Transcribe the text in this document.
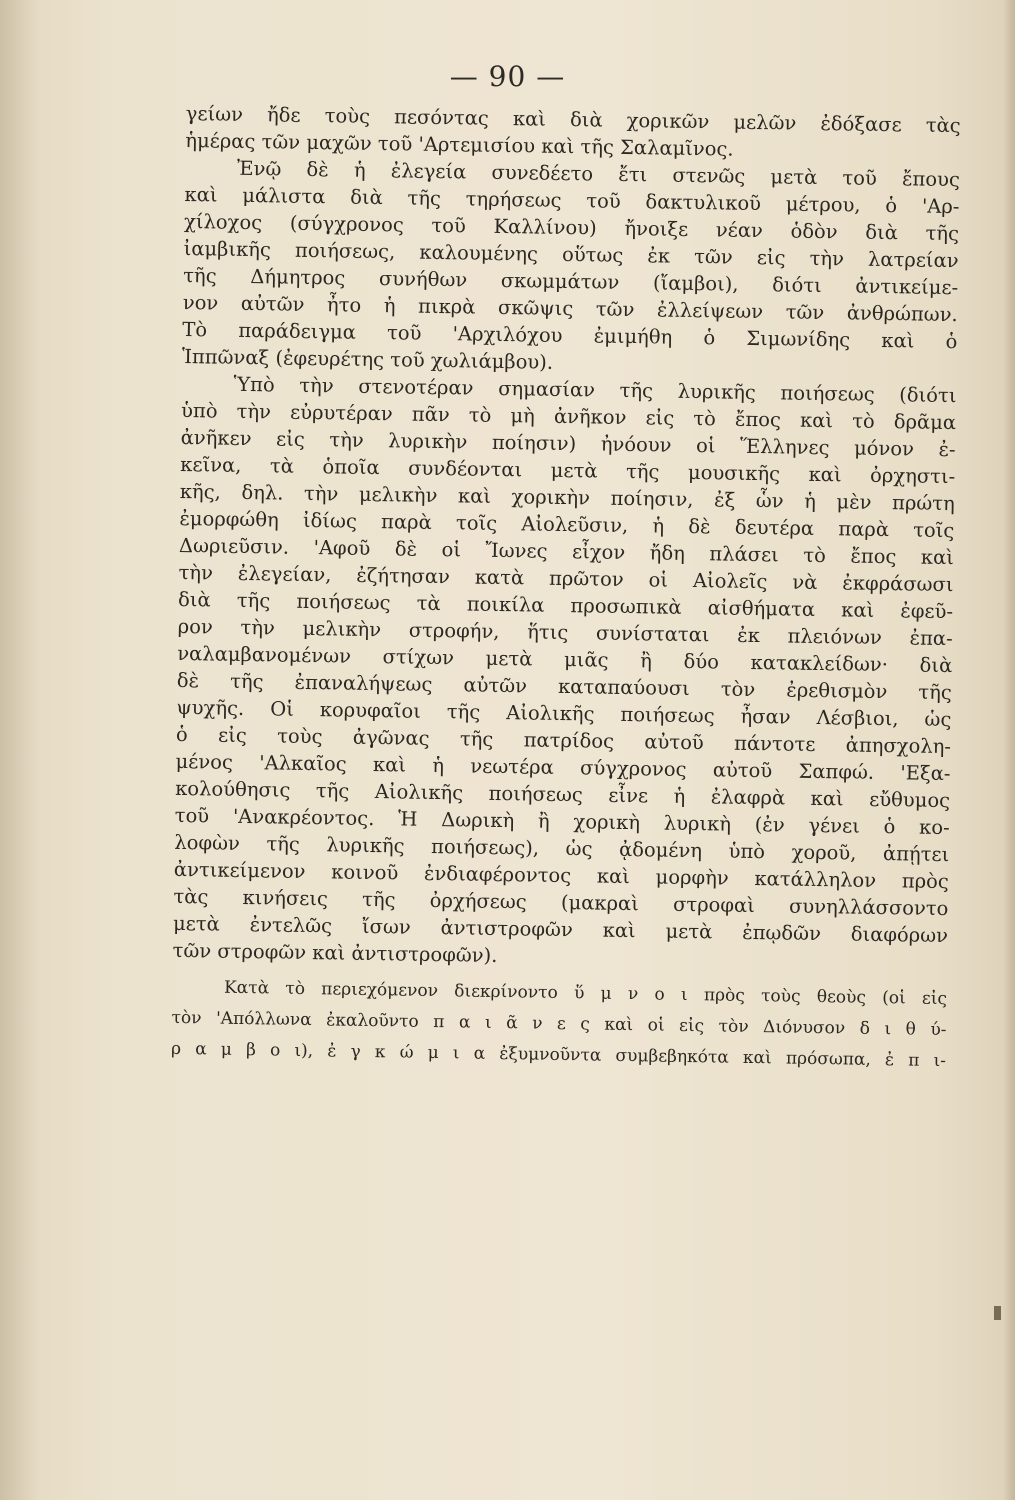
— 90 —
γείων ἤδε τοὺς πεσόντας καὶ διὰ χορικῶν μελῶν ἐδόξασε τὰς
ἡμέρας τῶν μαχῶν τοῦ 'Αρτεμισίου καὶ τῆς Σαλαμῖνος.
Ἐνῷ δὲ ἡ ἐλεγεία συνεδέετο ἔτι στενῶς μετὰ τοῦ ἔπους
καὶ μάλιστα διὰ τῆς τηρήσεως τοῦ δακτυλικοῦ μέτρου, ὁ 'Αρ-
χίλοχος (σύγχρονος τοῦ Καλλίνου) ἤνοιξε νέαν ὁδὸν διὰ τῆς
ἰαμβικῆς ποιήσεως, καλουμένης οὕτως ἐκ τῶν εἰς τὴν λατρείαν
τῆς Δήμητρος συνήθων σκωμμάτων (ἴαμβοι), διότι ἀντικείμε-
νον αὐτῶν ἦτο ἡ πικρὰ σκῶψις τῶν ἐλλείψεων τῶν ἀνθρώπων.
Τὸ παράδειγμα τοῦ 'Αρχιλόχου ἐμιμήθη ὁ Σιμωνίδης καὶ ὁ
Ἱππῶναξ (ἐφευρέτης τοῦ χωλιάμβου).
Ὑπὸ τὴν στενοτέραν σημασίαν τῆς λυρικῆς ποιήσεως (διότι
ὑπὸ τὴν εὐρυτέραν πᾶν τὸ μὴ ἀνῆκον εἰς τὸ ἔπος καὶ τὸ δρᾶμα
ἀνῆκεν εἰς τὴν λυρικὴν ποίησιν) ἠνόουν οἱ Ἕλληνες μόνον ἐ-
κεῖνα, τὰ ὁποῖα συνδέονται μετὰ τῆς μουσικῆς καὶ ὀρχηστι-
κῆς, δηλ. τὴν μελικὴν καὶ χορικὴν ποίησιν, ἐξ ὧν ἡ μὲν πρώτη
ἐμορφώθη ἰδίως παρὰ τοῖς Αἰολεῦσιν, ἡ δὲ δευτέρα παρὰ τοῖς
Δωριεῦσιν. 'Αφοῦ δὲ οἱ Ἴωνες εἶχον ἤδη πλάσει τὸ ἔπος καὶ
τὴν ἐλεγείαν, ἐζήτησαν κατὰ πρῶτον οἱ Αἰολεῖς νὰ ἐκφράσωσι
διὰ τῆς ποιήσεως τὰ ποικίλα προσωπικὰ αἰσθήματα καὶ ἐφεῦ-
ρον τὴν μελικὴν στροφήν, ἥτις συνίσταται ἐκ πλειόνων ἐπα-
ναλαμβανομένων στίχων μετὰ μιᾶς ἢ δύο κατακλείδων· διὰ
δὲ τῆς ἐπαναλήψεως αὐτῶν καταπαύουσι τὸν ἐρεθισμὸν τῆς
ψυχῆς. Οἱ κορυφαῖοι τῆς Αἰολικῆς ποιήσεως ἦσαν Λέσβιοι, ὡς
ὁ εἰς τοὺς ἀγῶνας τῆς πατρίδος αὐτοῦ πάντοτε ἀπησχολη-
μένος 'Αλκαῖος καὶ ἡ νεωτέρα σύγχρονος αὐτοῦ Σαπφώ. 'Εξα-
κολούθησις τῆς Αἰολικῆς ποιήσεως εἶνε ἡ ἐλαφρὰ καὶ εὔθυμος
τοῦ 'Ανακρέοντος. Ἡ Δωρικὴ ἢ χορικὴ λυρικὴ (ἐν γένει ὁ κο-
λοφὼν τῆς λυρικῆς ποιήσεως), ὡς ᾀδομένη ὑπὸ χοροῦ, ἀπῄτει
ἀντικείμενον κοινοῦ ἐνδιαφέροντος καὶ μορφὴν κατάλληλον πρὸς
τὰς κινήσεις τῆς ὀρχήσεως (μακραὶ στροφαὶ συνηλλάσσοντο
μετὰ ἐντελῶς ἴσων ἀντιστροφῶν καὶ μετὰ ἐπῳδῶν διαφόρων
τῶν στροφῶν καὶ ἀντιστροφῶν).
Κατὰ τὸ περιεχόμενον διεκρίνοντο ὕ μ ν ο ι πρὸς τοὺς θεοὺς (οἱ εἰς
τὸν 'Απόλλωνα ἐκαλοῦντο π α ι ᾶ ν ε ς καὶ οἱ εἰς τὸν Διόνυσον δ ι θ ύ-
ρ α μ β ο ι), ἐ γ κ ώ μ ι α ἐξυμνοῦντα συμβεβηκότα καὶ πρόσωπα, ἐ π ι-
